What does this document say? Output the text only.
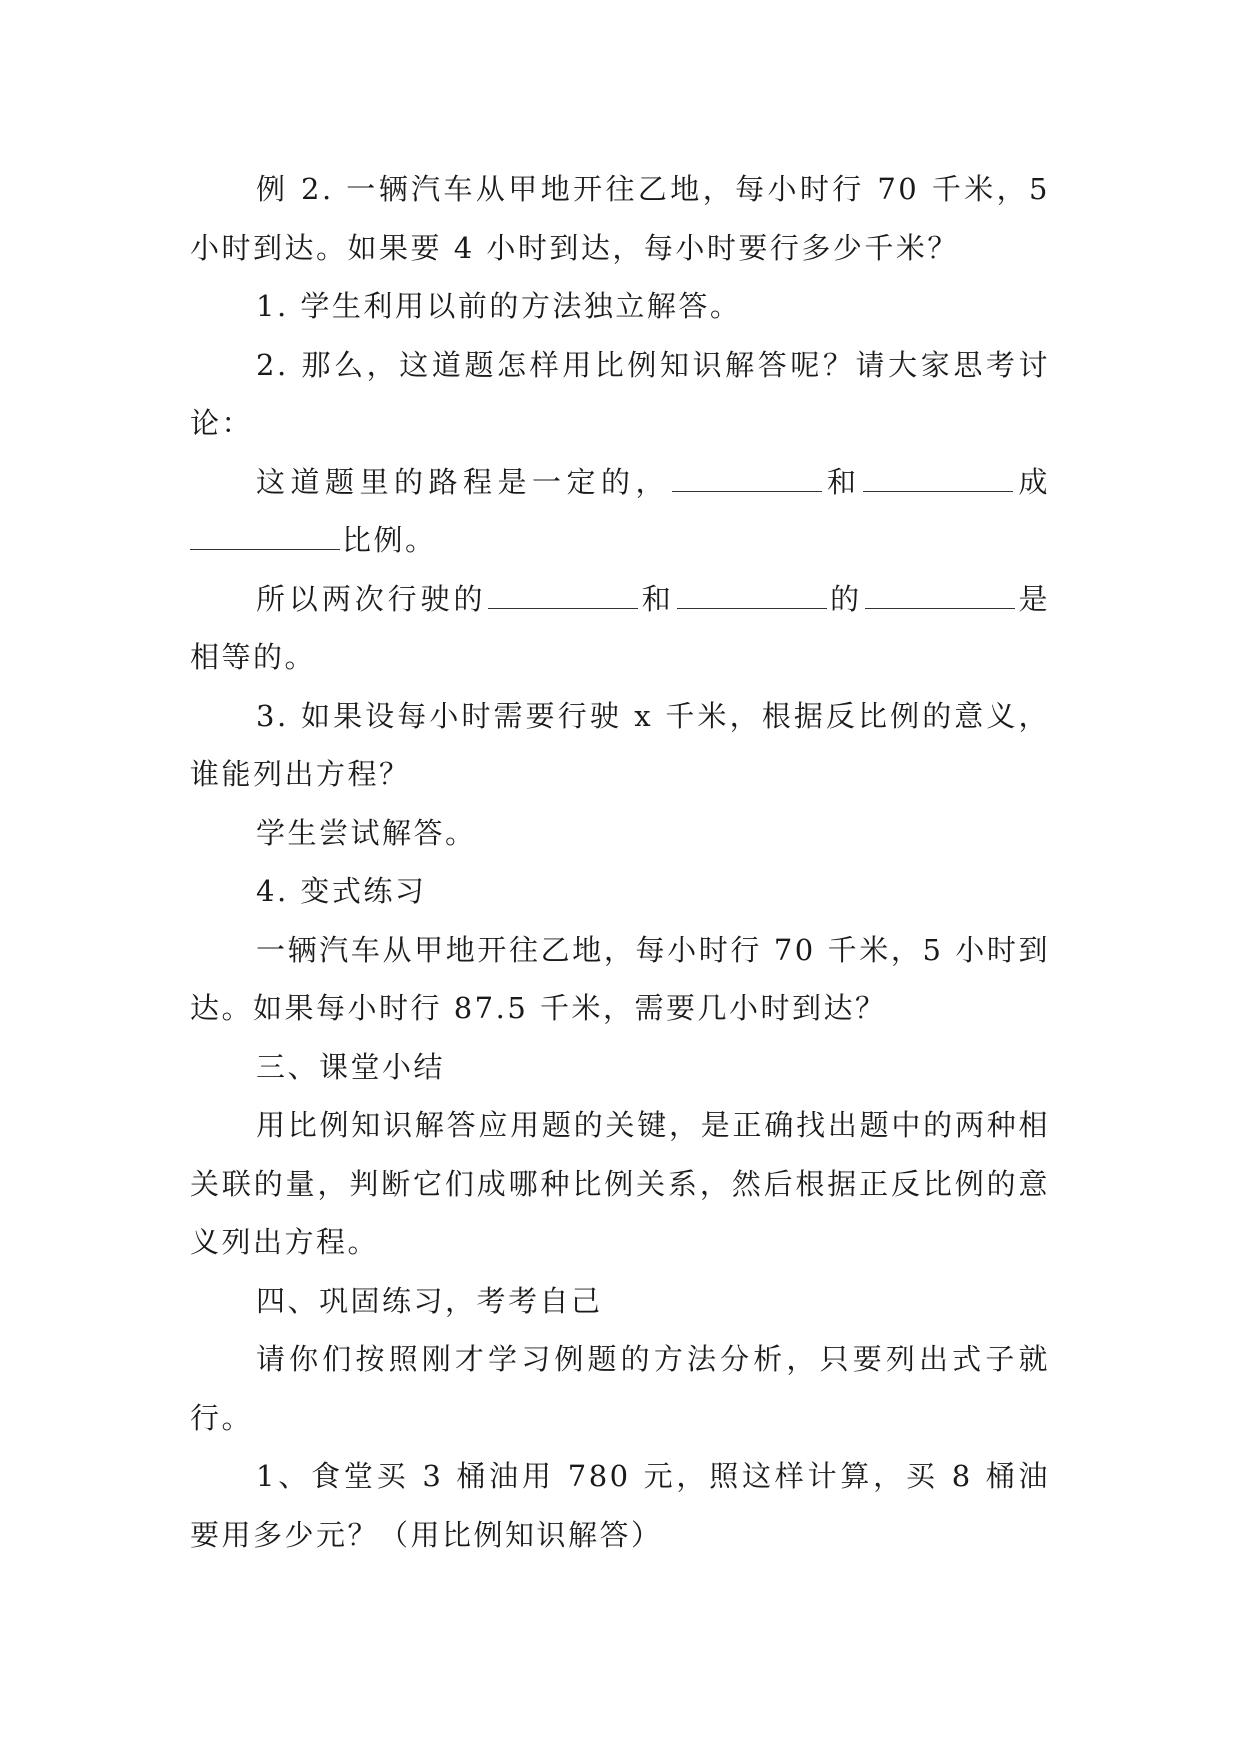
例 2. 一辆汽车从甲地开往乙地，每小时行 70 千米，5 小时到达。如果要 4 小时到达，每小时要行多少千米？

1. 学生利用以前的方法独立解答。

2. 那么，这道题怎样用比例知识解答呢？请大家思考讨论：

这道题里的路程是一定的，	和	成比例。

所以两次行驶的	和	的	是相等的。

3. 如果设每小时需要行驶 x 千米，根据反比例的意义，谁能列出方程？

学生尝试解答。

4. 变式练习

一辆汽车从甲地开往乙地，每小时行 70 千米，5 小时到达。如果每小时行 87.5 千米，需要几小时到达？

三、课堂小结

用比例知识解答应用题的关键，是正确找出题中的两种相关联的量，判断它们成哪种比例关系，然后根据正反比例的意义列出方程。

四、巩固练习，考考自己

请你们按照刚才学习例题的方法分析，只要列出式子就行。

1、食堂买 3 桶油用 780 元，照这样计算，买 8 桶油要用多少元？（用比例知识解答）
